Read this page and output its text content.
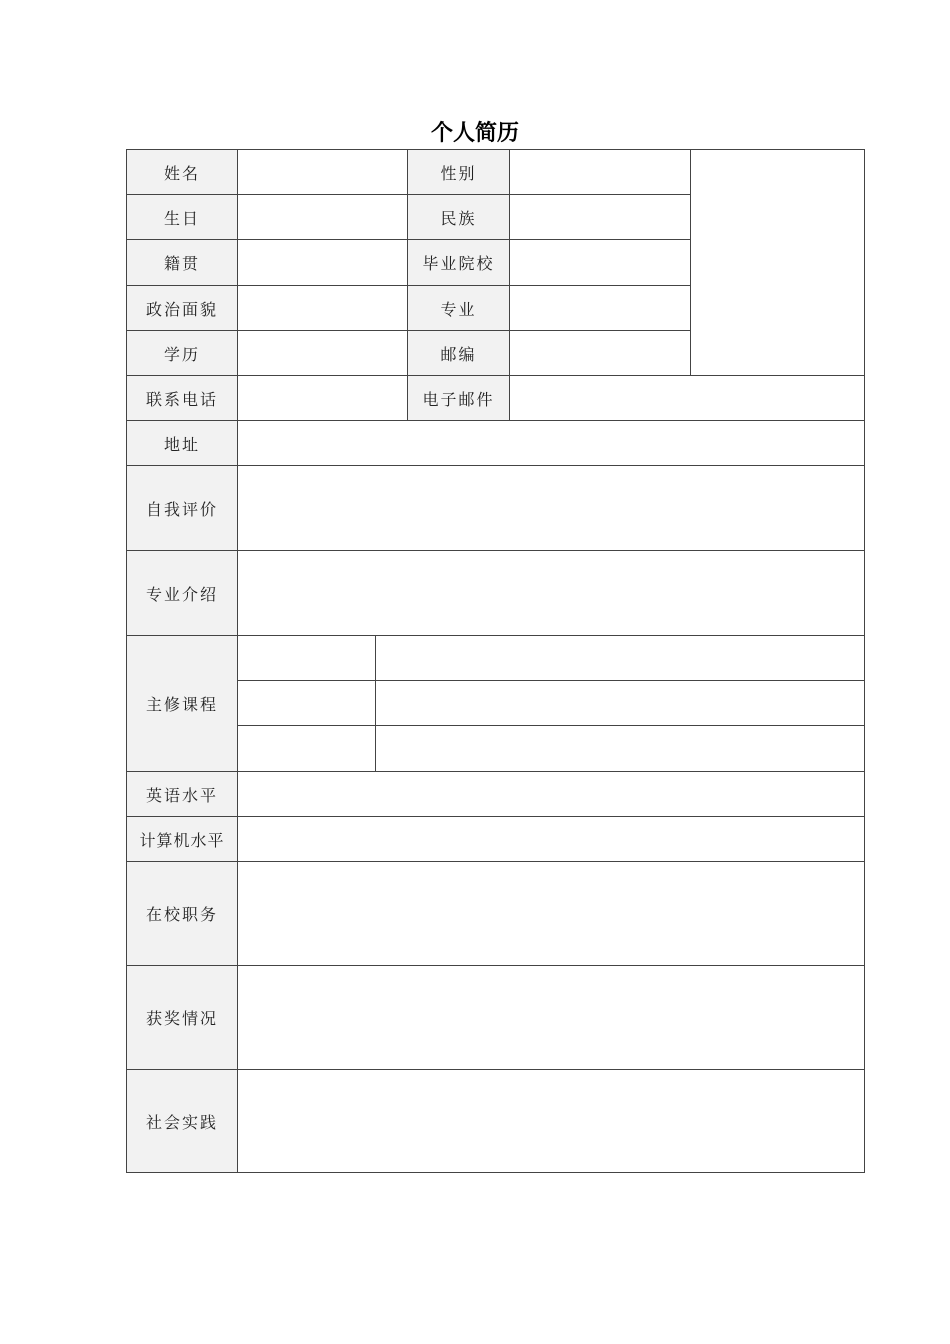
个人简历
姓名			性别		
生日			民族		
籍贯			毕业院校		
政治面貌			专业		
学历			邮编		
联系电话			电子邮件		
地址					
自我评价					
专业介绍					
主修课程					

英语水平					
计算机水平					
在校职务					
获奖情况					
社会实践					
